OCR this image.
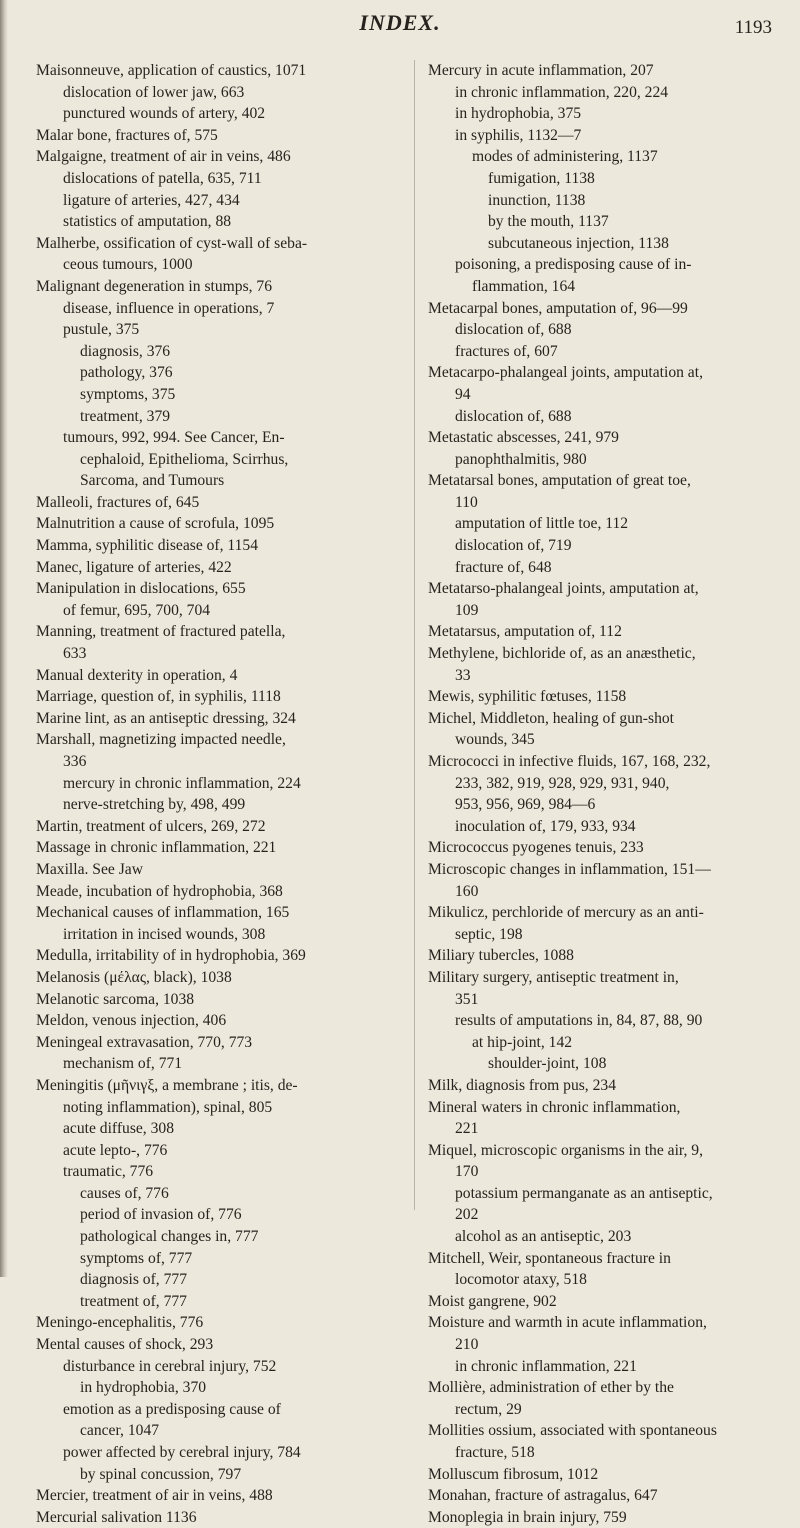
INDEX.	1193
Maisonneuve, application of caustics, 1071
dislocation of lower jaw, 663
punctured wounds of artery, 402
Malar bone, fractures of, 575
Malgaigne, treatment of air in veins, 486
dislocations of patella, 635, 711
ligature of arteries, 427, 434
statistics of amputation, 88
Malherbe, ossification of cyst-wall of seba-
ceous tumours, 1000
Malignant degeneration in stumps, 76
disease, influence in operations, 7
pustule, 375
diagnosis, 376
pathology, 376
symptoms, 375
treatment, 379
tumours, 992, 994. See Cancer, En-
cephaloid, Epithelioma, Scirrhus,
Sarcoma, and Tumours
Malleoli, fractures of, 645
Malnutrition a cause of scrofula, 1095
Mamma, syphilitic disease of, 1154
Manec, ligature of arteries, 422
Manipulation in dislocations, 655
of femur, 695, 700, 704
Manning, treatment of fractured patella,
633
Manual dexterity in operation, 4
Marriage, question of, in syphilis, 1118
Marine lint, as an antiseptic dressing, 324
Marshall, magnetizing impacted needle,
336
mercury in chronic inflammation, 224
nerve-stretching by, 498, 499
Martin, treatment of ulcers, 269, 272
Massage in chronic inflammation, 221
Maxilla. See Jaw
Meade, incubation of hydrophobia, 368
Mechanical causes of inflammation, 165
irritation in incised wounds, 308
Medulla, irritability of in hydrophobia, 369
Melanosis (μέλας, black), 1038
Melanotic sarcoma, 1038
Meldon, venous injection, 406
Meningeal extravasation, 770, 773
mechanism of, 771
Meningitis (μῆνιγξ, a membrane ; itis, de-
noting inflammation), spinal, 805
acute diffuse, 308
acute lepto-, 776
traumatic, 776
causes of, 776
period of invasion of, 776
pathological changes in, 777
symptoms of, 777
diagnosis of, 777
treatment of, 777
Meningo-encephalitis, 776
Mental causes of shock, 293
disturbance in cerebral injury, 752
in hydrophobia, 370
emotion as a predisposing cause of
cancer, 1047
power affected by cerebral injury, 784
by spinal concussion, 797
Mercier, treatment of air in veins, 488
Mercurial salivation 1136
Mercury in acute inflammation, 207
in chronic inflammation, 220, 224
in hydrophobia, 375
in syphilis, 1132—7
modes of administering, 1137
fumigation, 1138
inunction, 1138
by the mouth, 1137
subcutaneous injection, 1138
poisoning, a predisposing cause of in-
flammation, 164
Metacarpal bones, amputation of, 96—99
dislocation of, 688
fractures of, 607
Metacarpo-phalangeal joints, amputation at,
94
dislocation of, 688
Metastatic abscesses, 241, 979
panophthalmitis, 980
Metatarsal bones, amputation of great toe,
110
amputation of little toe, 112
dislocation of, 719
fracture of, 648
Metatarso-phalangeal joints, amputation at,
109
Metatarsus, amputation of, 112
Methylene, bichloride of, as an anæsthetic,
33
Mewis, syphilitic fœtuses, 1158
Michel, Middleton, healing of gun-shot
wounds, 345
Micrococci in infective fluids, 167, 168, 232,
233, 382, 919, 928, 929, 931, 940,
953, 956, 969, 984—6
inoculation of, 179, 933, 934
Micrococcus pyogenes tenuis, 233
Microscopic changes in inflammation, 151—
160
Mikulicz, perchloride of mercury as an anti-
septic, 198
Miliary tubercles, 1088
Military surgery, antiseptic treatment in,
351
results of amputations in, 84, 87, 88, 90
at hip-joint, 142
shoulder-joint, 108
Milk, diagnosis from pus, 234
Mineral waters in chronic inflammation,
221
Miquel, microscopic organisms in the air, 9,
170
potassium permanganate as an antiseptic,
202
alcohol as an antiseptic, 203
Mitchell, Weir, spontaneous fracture in
locomotor ataxy, 518
Moist gangrene, 902
Moisture and warmth in acute inflammation,
210
in chronic inflammation, 221
Mollière, administration of ether by the
rectum, 29
Mollities ossium, associated with spontaneous
fracture, 518
Molluscum fibrosum, 1012
Monahan, fracture of astragalus, 647
Monoplegia in brain injury, 759
